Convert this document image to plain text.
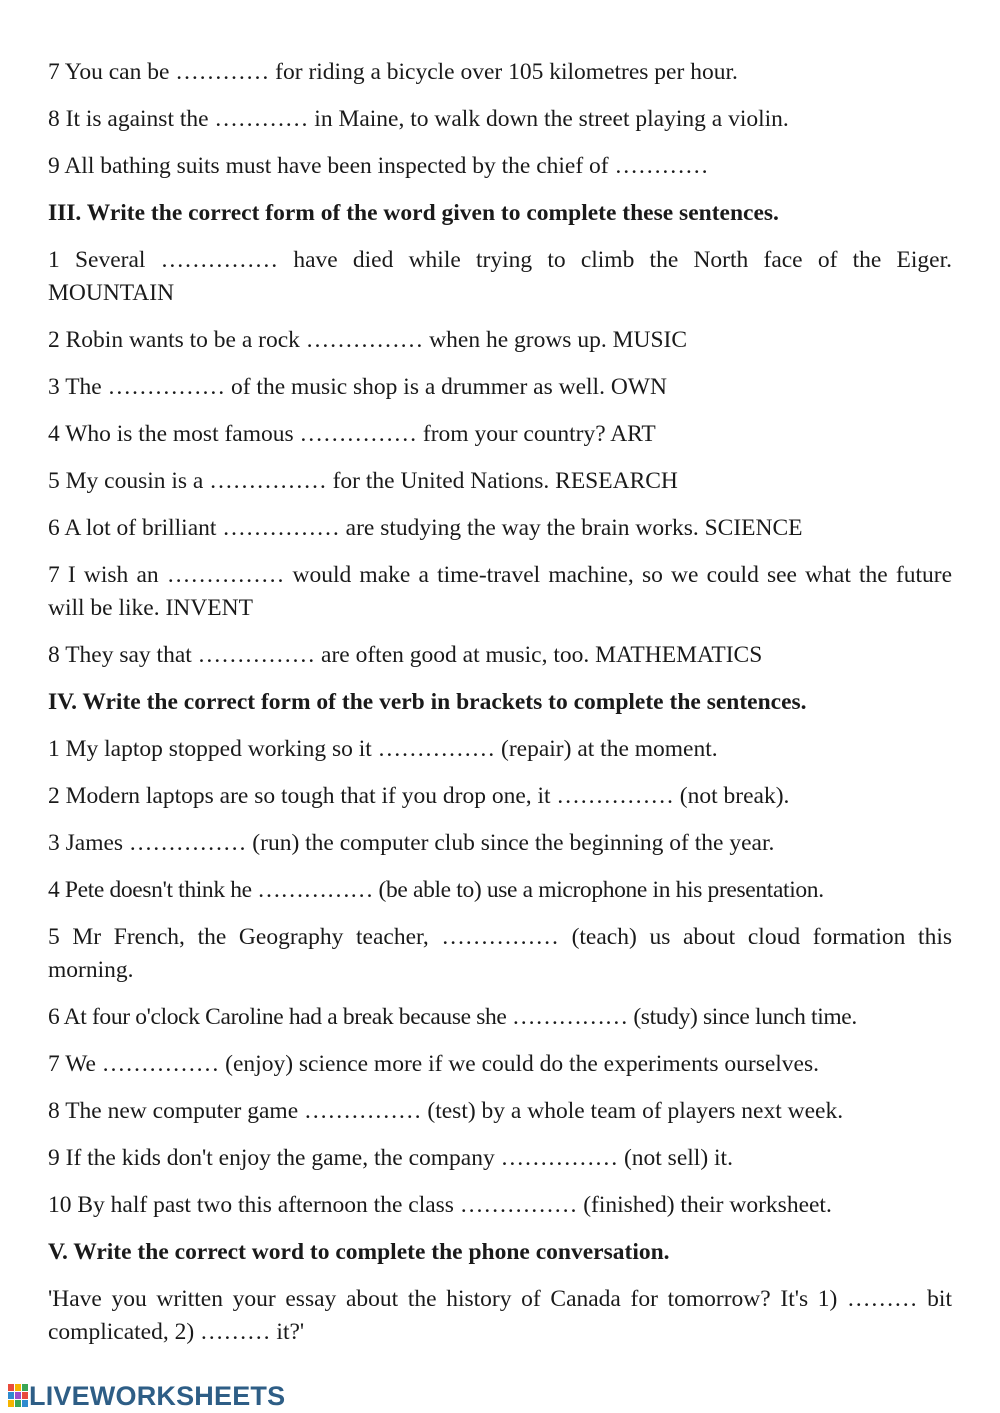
7 You can be ………… for riding a bicycle over 105 kilometres per hour.
8 It is against the ………… in Maine, to walk down the street playing a violin.
9 All bathing suits must have been inspected by the chief of …………
III. Write the correct form of the word given to complete these sentences.
1 Several …………… have died while trying to climb the North face of the Eiger. MOUNTAIN
2 Robin wants to be a rock …………… when he grows up. MUSIC
3 The …………… of the music shop is a drummer as well. OWN
4 Who is the most famous …………… from your country? ART
5 My cousin is a …………… for the United Nations. RESEARCH
6 A lot of brilliant …………… are studying the way the brain works. SCIENCE
7 I wish an …………… would make a time-travel machine, so we could see what the future will be like. INVENT
8 They say that …………… are often good at music, too. MATHEMATICS
IV. Write the correct form of the verb in brackets to complete the sentences.
1 My laptop stopped working so it …………… (repair) at the moment.
2 Modern laptops are so tough that if you drop one, it …………… (not break).
3 James …………… (run) the computer club since the beginning of the year.
4 Pete doesn't think he …………… (be able to) use a microphone in his presentation.
5 Mr French, the Geography teacher, …………… (teach) us about cloud formation this morning.
6 At four o'clock Caroline had a break because she …………… (study) since lunch time.
7 We …………… (enjoy) science more if we could do the experiments ourselves.
8 The new computer game …………… (test) by a whole team of players next week.
9 If the kids don't enjoy the game, the company …………… (not sell) it.
10 By half past two this afternoon the class …………… (finished) their worksheet.
V. Write the correct word to complete the phone conversation.
'Have you written your essay about the history of Canada for tomorrow? It's 1) ……… bit complicated, 2) ……… it?'
LIVEWORKSHEETS
